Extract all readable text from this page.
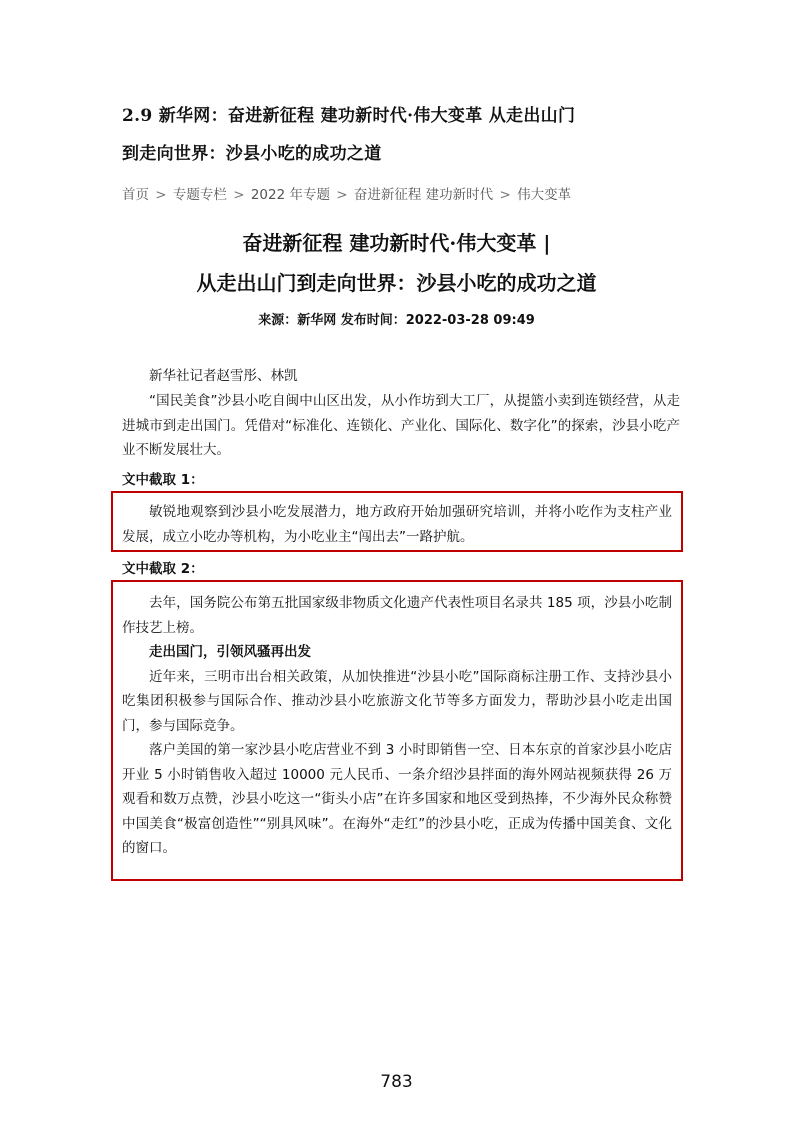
2.9 新华网：奋进新征程 建功新时代·伟大变革 从走出山门
到走向世界：沙县小吃的成功之道
首页 > 专题专栏 > 2022 年专题 > 奋进新征程 建功新时代 > 伟大变革
奋进新征程 建功新时代·伟大变革 |
从走出山门到走向世界：沙县小吃的成功之道
来源：新华网 发布时间：2022-03-28 09:49
新华社记者赵雪彤、林凯
“国民美食”沙县小吃自闽中山区出发，从小作坊到大工厂，从提篮小卖到连锁经营，从走进城市到走出国门。凭借对“标准化、连锁化、产业化、国际化、数字化”的探索，沙县小吃产业不断发展壮大。
文中截取 1：
敏锐地观察到沙县小吃发展潜力，地方政府开始加强研究培训，并将小吃作为支柱产业发展，成立小吃办等机构，为小吃业主“闯出去”一路护航。
文中截取 2：
去年，国务院公布第五批国家级非物质文化遗产代表性项目名录共 185 项，沙县小吃制作技艺上榜。
走出国门，引领风骚再出发
近年来，三明市出台相关政策，从加快推进“沙县小吃”国际商标注册工作、支持沙县小吃集团积极参与国际合作、推动沙县小吃旅游文化节等多方面发力，帮助沙县小吃走出国门，参与国际竞争。
落户美国的第一家沙县小吃店营业不到 3 小时即销售一空、日本东京的首家沙县小吃店开业 5 小时销售收入超过 10000 元人民币、一条介绍沙县拌面的海外网站视频获得 26 万观看和数万点赞，沙县小吃这一“街头小店”在许多国家和地区受到热捧，不少海外民众称赞中国美食“极富创造性”“别具风味”。在海外“走红”的沙县小吃，正成为传播中国美食、文化的窗口。
783
